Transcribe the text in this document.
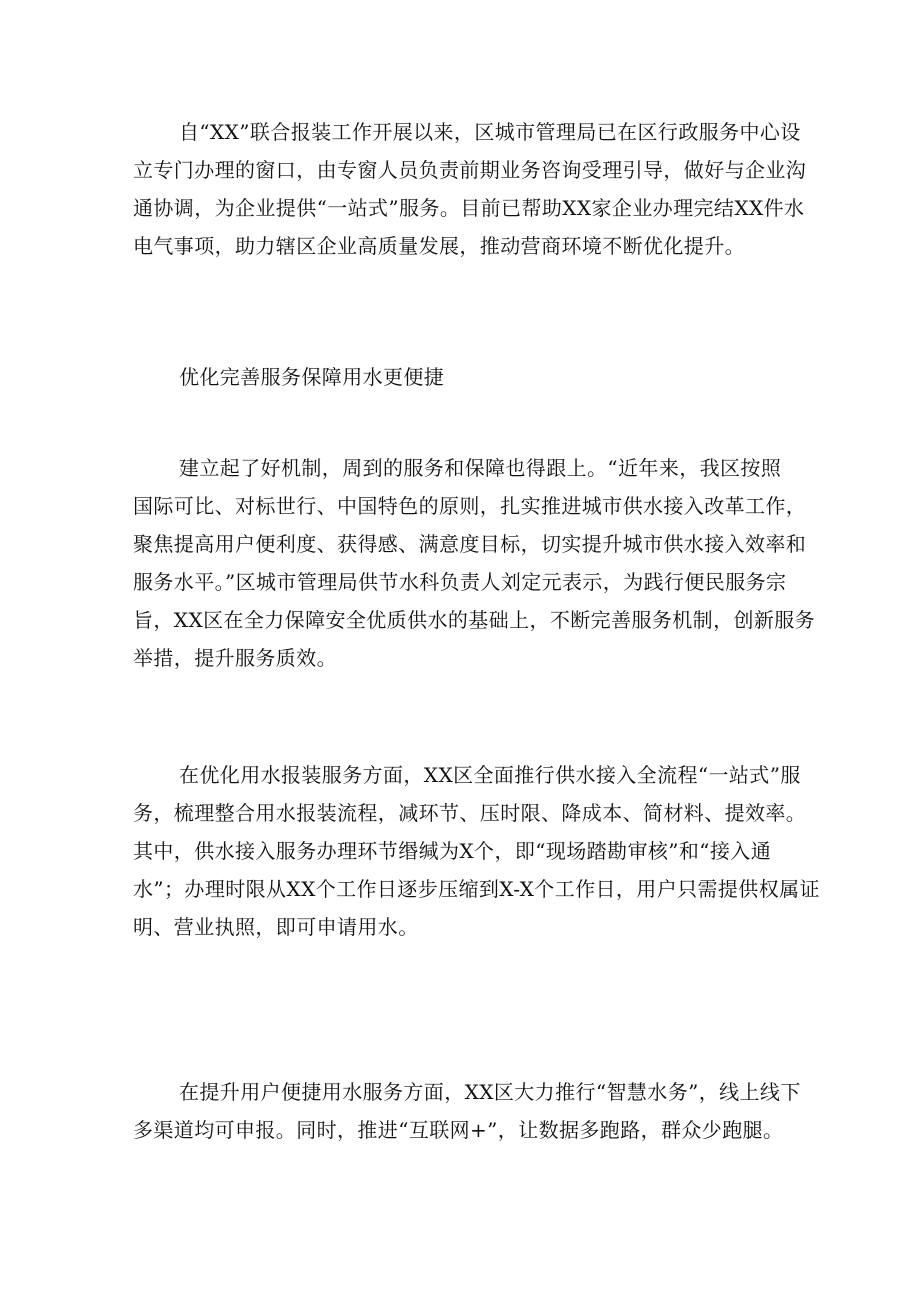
自“XX”联合报装工作开展以来，区城市管理局已在区行政服务中心设
立专门办理的窗口，由专窗人员负责前期业务咨询受理引导，做好与企业沟
通协调，为企业提供“一站式”服务。目前已帮助XX家企业办理完结XX件水
电气事项，助力辖区企业高质量发展，推动营商环境不断优化提升。

优化完善服务保障用水更便捷

建立起了好机制，周到的服务和保障也得跟上。“近年来，我区按照
国际可比、对标世行、中国特色的原则，扎实推进城市供水接入改革工作，
聚焦提高用户便利度、获得感、满意度目标，切实提升城市供水接入效率和
服务水平。”区城市管理局供节水科负责人刘定元表示，为践行便民服务宗
旨，XX区在全力保障安全优质供水的基础上，不断完善服务机制，创新服务
举措，提升服务质效。

在优化用水报装服务方面，XX区全面推行供水接入全流程“一站式”服
务，梳理整合用水报装流程，减环节、压时限、降成本、简材料、提效率。
其中，供水接入服务办理环节缗缄为X个，即“现场踏勘审核”和“接入通
水”；办理时限从XX个工作日逐步压缩到X-X个工作日，用户只需提供权属证
明、营业执照，即可申请用水。

在提升用户便捷用水服务方面，XX区大力推行“智慧水务”，线上线下
多渠道均可申报。同时，推进“互联网+”，让数据多跑路，群众少跑腿。
